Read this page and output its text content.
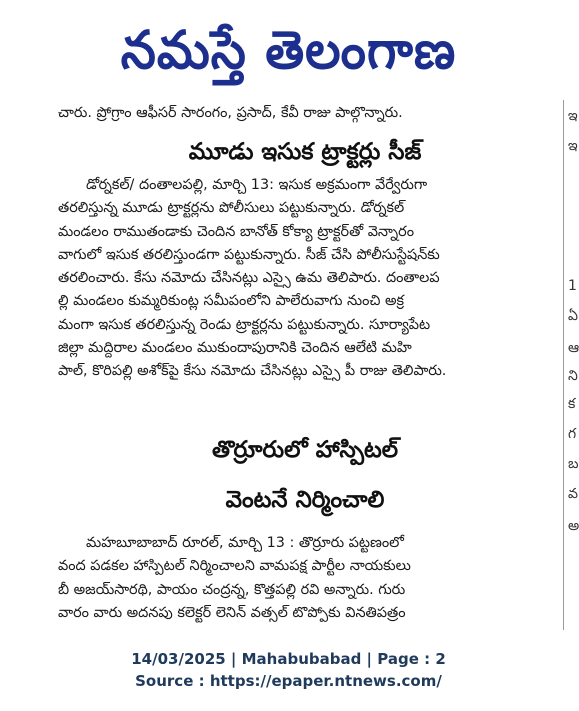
నమస్తే తెలంగాణ
చారు. ప్రోగ్రాం ఆఫీసర్ సారంగం, ప్రసాద్, కేవీ రాజు పాల్గొన్నారు.
మూడు ఇసుక ట్రాక్టర్లు సీజ్
డోర్నకల్/ దంతాలపల్లి, మార్చి 13: ఇసుక అక్రమంగా వేర్వేరుగా
తరలిస్తున్న మూడు ట్రాక్టర్లను పోలీసులు పట్టుకున్నారు. డోర్నకల్
మండలం రాముతండాకు చెందిన బానోత్ కోక్యా ట్రాక్టర్‌తో వెన్నారం
వాగులో ఇసుక తరలిస్తుండగా పట్టుకున్నారు. సీజ్ చేసి పోలీసుస్టేషన్‌కు
తరలించారు. కేసు నమోదు చేసినట్లు ఎస్సై ఉమ తెలిపారు. దంతాలప
ల్లి మండలం కుమ్మరికుంట్ల సమీపంలోని పాలేరువాగు నుంచి అక్ర
మంగా ఇసుక తరలిస్తున్న రెండు ట్రాక్టర్లను పట్టుకున్నారు. సూర్యాపేట
జిల్లా మద్దిరాల మండలం ముకుందాపురానికి చెందిన ఆలేటి మహి
పాల్, కొరిపల్లి అశోక్‌పై కేసు నమోదు చేసినట్లు ఎస్సై పీ రాజు తెలిపారు.
తొర్రూరులో హాస్పిటల్
వెంటనే నిర్మించాలి
మహబూబాబాద్ రూరల్, మార్చి 13 : తొర్రూరు పట్టణంలో
వంద పడకల హాస్పిటల్ నిర్మించాలని వామపక్ష పార్టీల నాయకులు
బీ అజయ్‌సారథి, పాయం చంద్రన్న, కొత్తపల్లి రవి అన్నారు. గురు
వారం వారు అదనపు కలెక్టర్ లెనిన్ వత్సల్ టొప్పోకు వినతిపత్రం
ఇ
ఇ
1
ఏ
ఆ
ని
క
గ
బ
వ
అ
14/03/2025 | Mahabubabad | Page : 2
Source : https://epaper.ntnews.com/
